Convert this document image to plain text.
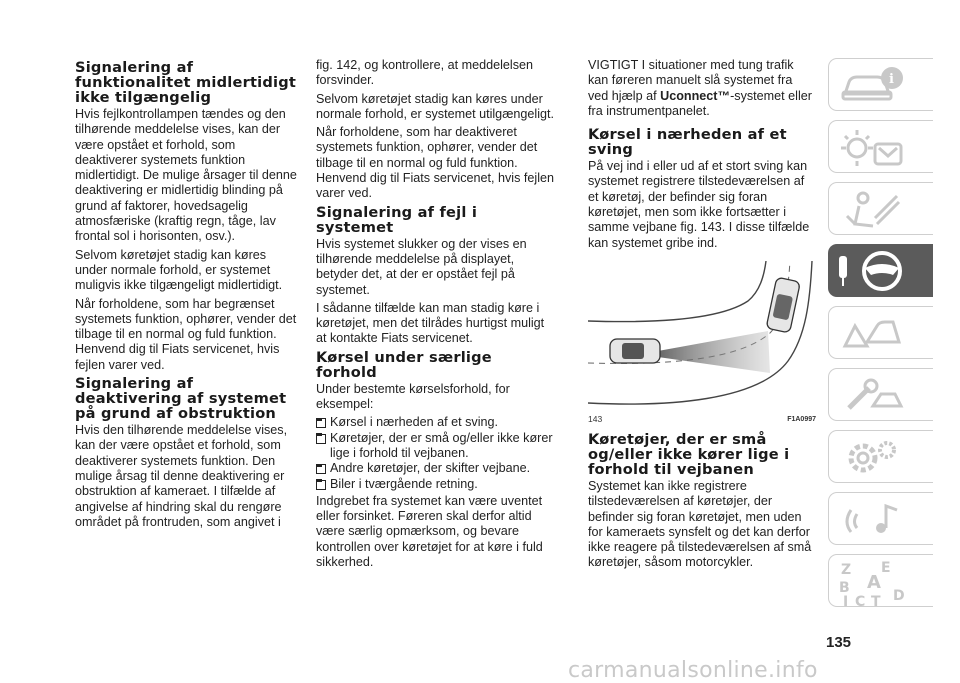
Signalering af funktionalitet midlertidigt ikke tilgængelig

Hvis fejlkontrollampen tændes og den tilhørende meddelelse vises, kan der være opstået et forhold, som deaktiverer systemets funktion midlertidigt. De mulige årsager til denne deaktivering er midlertidig blinding på grund af faktorer, hovedsagelig atmosfæriske (kraftig regn, tåge, lav frontal sol i horisonten, osv.).

Selvom køretøjet stadig kan køres under normale forhold, er systemet muligvis ikke tilgængeligt midlertidigt.

Når forholdene, som har begrænset systemets funktion, ophører, vender det tilbage til en normal og fuld funktion. Henvend dig til Fiats servicenet, hvis fejlen varer ved.

Signalering af deaktivering af systemet på grund af obstruktion

Hvis den tilhørende meddelelse vises, kan der være opstået et forhold, som deaktiverer systemets funktion. Den mulige årsag til denne deaktivering er obstruktion af kameraet. I tilfælde af angivelse af hindring skal du rengøre området på frontruden, som angivet i

fig. 142, og kontrollere, at meddelelsen forsvinder.

Selvom køretøjet stadig kan køres under normale forhold, er systemet utilgængeligt.

Når forholdene, som har deaktiveret systemets funktion, ophører, vender det tilbage til en normal og fuld funktion. Henvend dig til Fiats servicenet, hvis fejlen varer ved.

Signalering af fejl i systemet

Hvis systemet slukker og der vises en tilhørende meddelelse på displayet, betyder det, at der er opstået fejl på systemet.

I sådanne tilfælde kan man stadig køre i køretøjet, men det tilrådes hurtigst muligt at kontakte Fiats servicenet.

Kørsel under særlige forhold

Under bestemte kørselsforhold, for eksempel:

Kørsel i nærheden af et sving.
Køretøjer, der er små og/eller ikke kører lige i forhold til vejbanen.
Andre køretøjer, der skifter vejbane.
Biler i tværgående retning.

Indgrebet fra systemet kan være uventet eller forsinket. Føreren skal derfor altid være særlig opmærksom, og bevare kontrollen over køretøjet for at køre i fuld sikkerhed.

VIGTIGT I situationer med tung trafik kan føreren manuelt slå systemet fra ved hjælp af Uconnect™-systemet eller fra instrumentpanelet.

Kørsel i nærheden af et sving

På vej ind i eller ud af et stort sving kan systemet registrere tilstedeværelsen af et køretøj, der befinder sig foran køretøjet, men som ikke fortsætter i samme vejbane fig. 143. I disse tilfælde kan systemet gribe ind.

143	F1A0997
Køretøjer, der er små og/eller ikke kører lige i forhold til vejbanen

Systemet kan ikke registrere tilstedeværelsen af køretøjer, der befinder sig foran køretøjet, men uden for kameraets synsfelt og det kan derfor ikke reagere på tilstedeværelsen af små køretøjer, såsom motorcykler.

i
Z E
A
B
I C T D
135
carmanualsonline.info
